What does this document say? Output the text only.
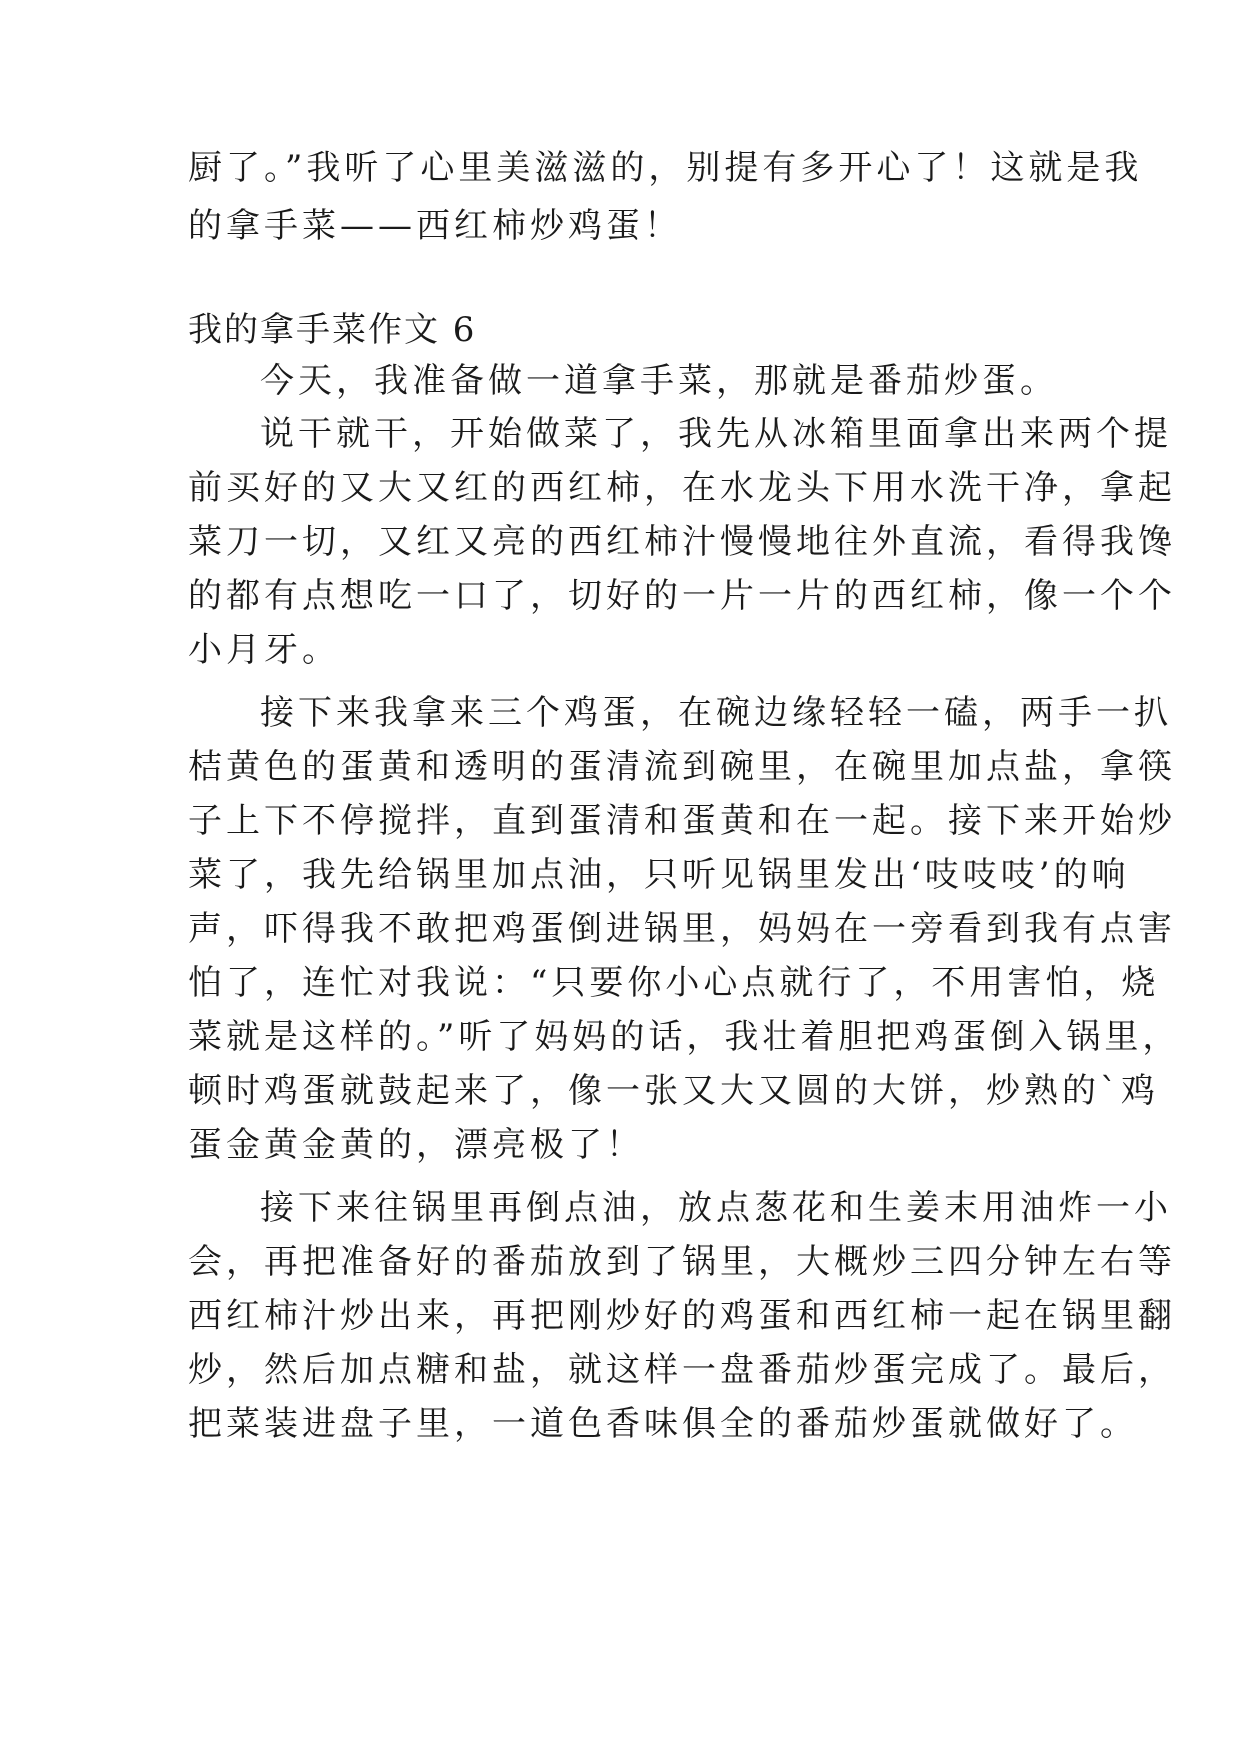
厨了。”我听了心里美滋滋的，别提有多开心了！这就是我
的拿手菜——西红柿炒鸡蛋！
我的拿手菜作文 6
今天，我准备做一道拿手菜，那就是番茄炒蛋。
说干就干，开始做菜了，我先从冰箱里面拿出来两个提
前买好的又大又红的西红柿，在水龙头下用水洗干净，拿起
菜刀一切，又红又亮的西红柿汁慢慢地往外直流，看得我馋
的都有点想吃一口了，切好的一片一片的西红柿，像一个个
小月牙。
接下来我拿来三个鸡蛋，在碗边缘轻轻一磕，两手一扒
桔黄色的蛋黄和透明的蛋清流到碗里，在碗里加点盐，拿筷
子上下不停搅拌，直到蛋清和蛋黄和在一起。接下来开始炒
菜了，我先给锅里加点油，只听见锅里发出‘吱吱吱’的响
声，吓得我不敢把鸡蛋倒进锅里，妈妈在一旁看到我有点害
怕了，连忙对我说：“只要你小心点就行了，不用害怕，烧
菜就是这样的。”听了妈妈的话，我壮着胆把鸡蛋倒入锅里，
顿时鸡蛋就鼓起来了，像一张又大又圆的大饼，炒熟的`鸡
蛋金黄金黄的，漂亮极了！
接下来往锅里再倒点油，放点葱花和生姜末用油炸一小
会，再把准备好的番茄放到了锅里，大概炒三四分钟左右等
西红柿汁炒出来，再把刚炒好的鸡蛋和西红柿一起在锅里翻
炒，然后加点糖和盐，就这样一盘番茄炒蛋完成了。最后，
把菜装进盘子里，一道色香味俱全的番茄炒蛋就做好了。
